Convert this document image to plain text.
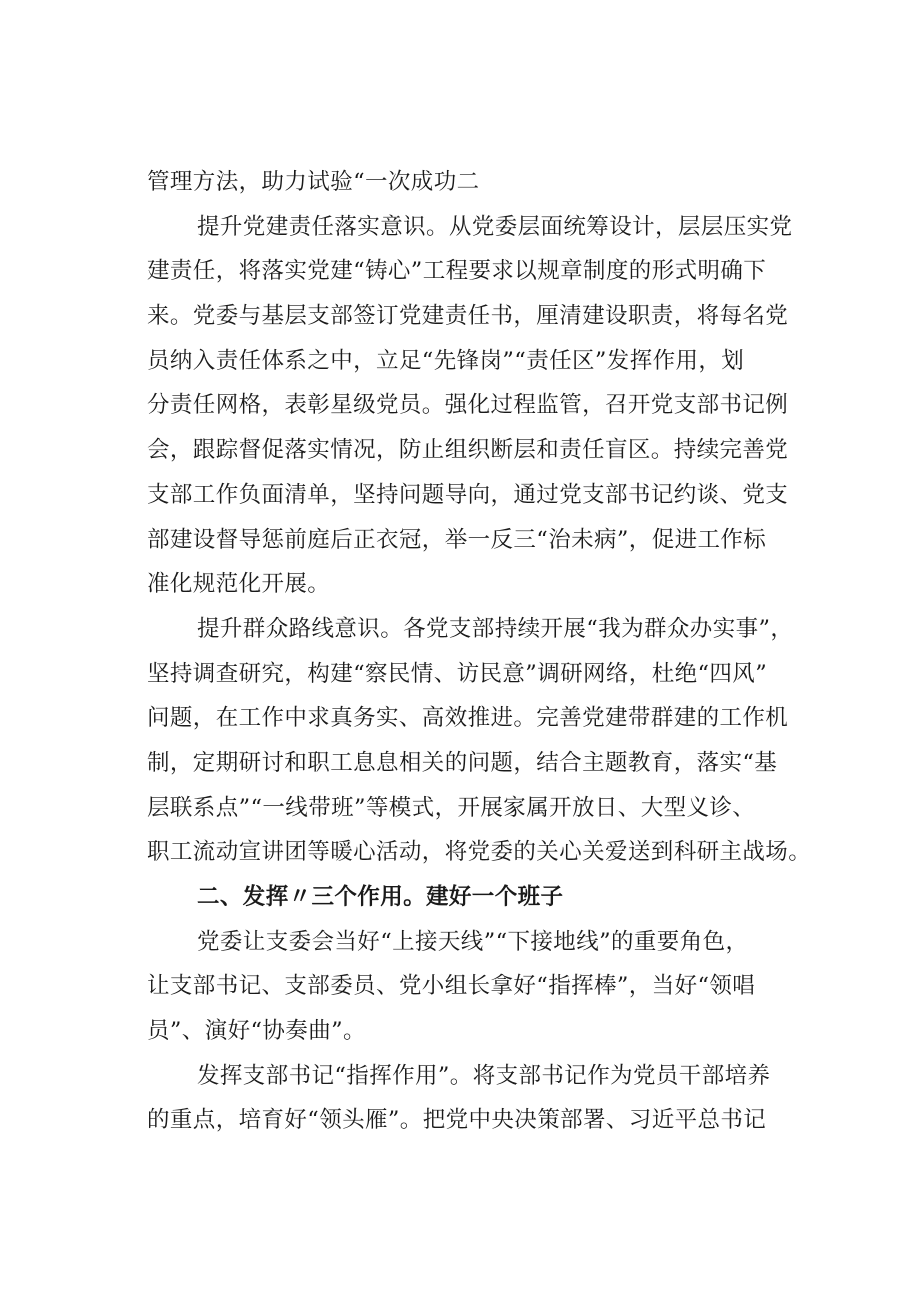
管理方法，助力试验“一次成功二
提升党建责任落实意识。从党委层面统筹设计，层层压实党
建责任，将落实党建“铸心”工程要求以规章制度的形式明确下
来。党委与基层支部签订党建责任书，厘清建设职责，将每名党
员纳入责任体系之中，立足“先锋岗”“责任区”发挥作用，划
分责任网格，表彰星级党员。强化过程监管，召开党支部书记例
会，跟踪督促落实情况，防止组织断层和责任盲区。持续完善党
支部工作负面清单，坚持问题导向，通过党支部书记约谈、党支
部建设督导惩前庭后正衣冠，举一反三“治未病”，促进工作标
准化规范化开展。
提升群众路线意识。各党支部持续开展“我为群众办实事”，
坚持调查研究，构建“察民情、访民意”调研网络，杜绝“四风”
问题，在工作中求真务实、高效推进。完善党建带群建的工作机
制，定期研讨和职工息息相关的问题，结合主题教育，落实“基
层联系点”“一线带班”等模式，开展家属开放日、大型义诊、
职工流动宣讲团等暖心活动，将党委的关心关爱送到科研主战场。
二、发挥〃三个作用。建好一个班子
党委让支委会当好“上接天线”“下接地线”的重要角色，
让支部书记、支部委员、党小组长拿好“指挥棒”，当好“领唱
员”、演好“协奏曲”。
发挥支部书记“指挥作用”。将支部书记作为党员干部培养
的重点，培育好“领头雁”。把党中央决策部署、习近平总书记
